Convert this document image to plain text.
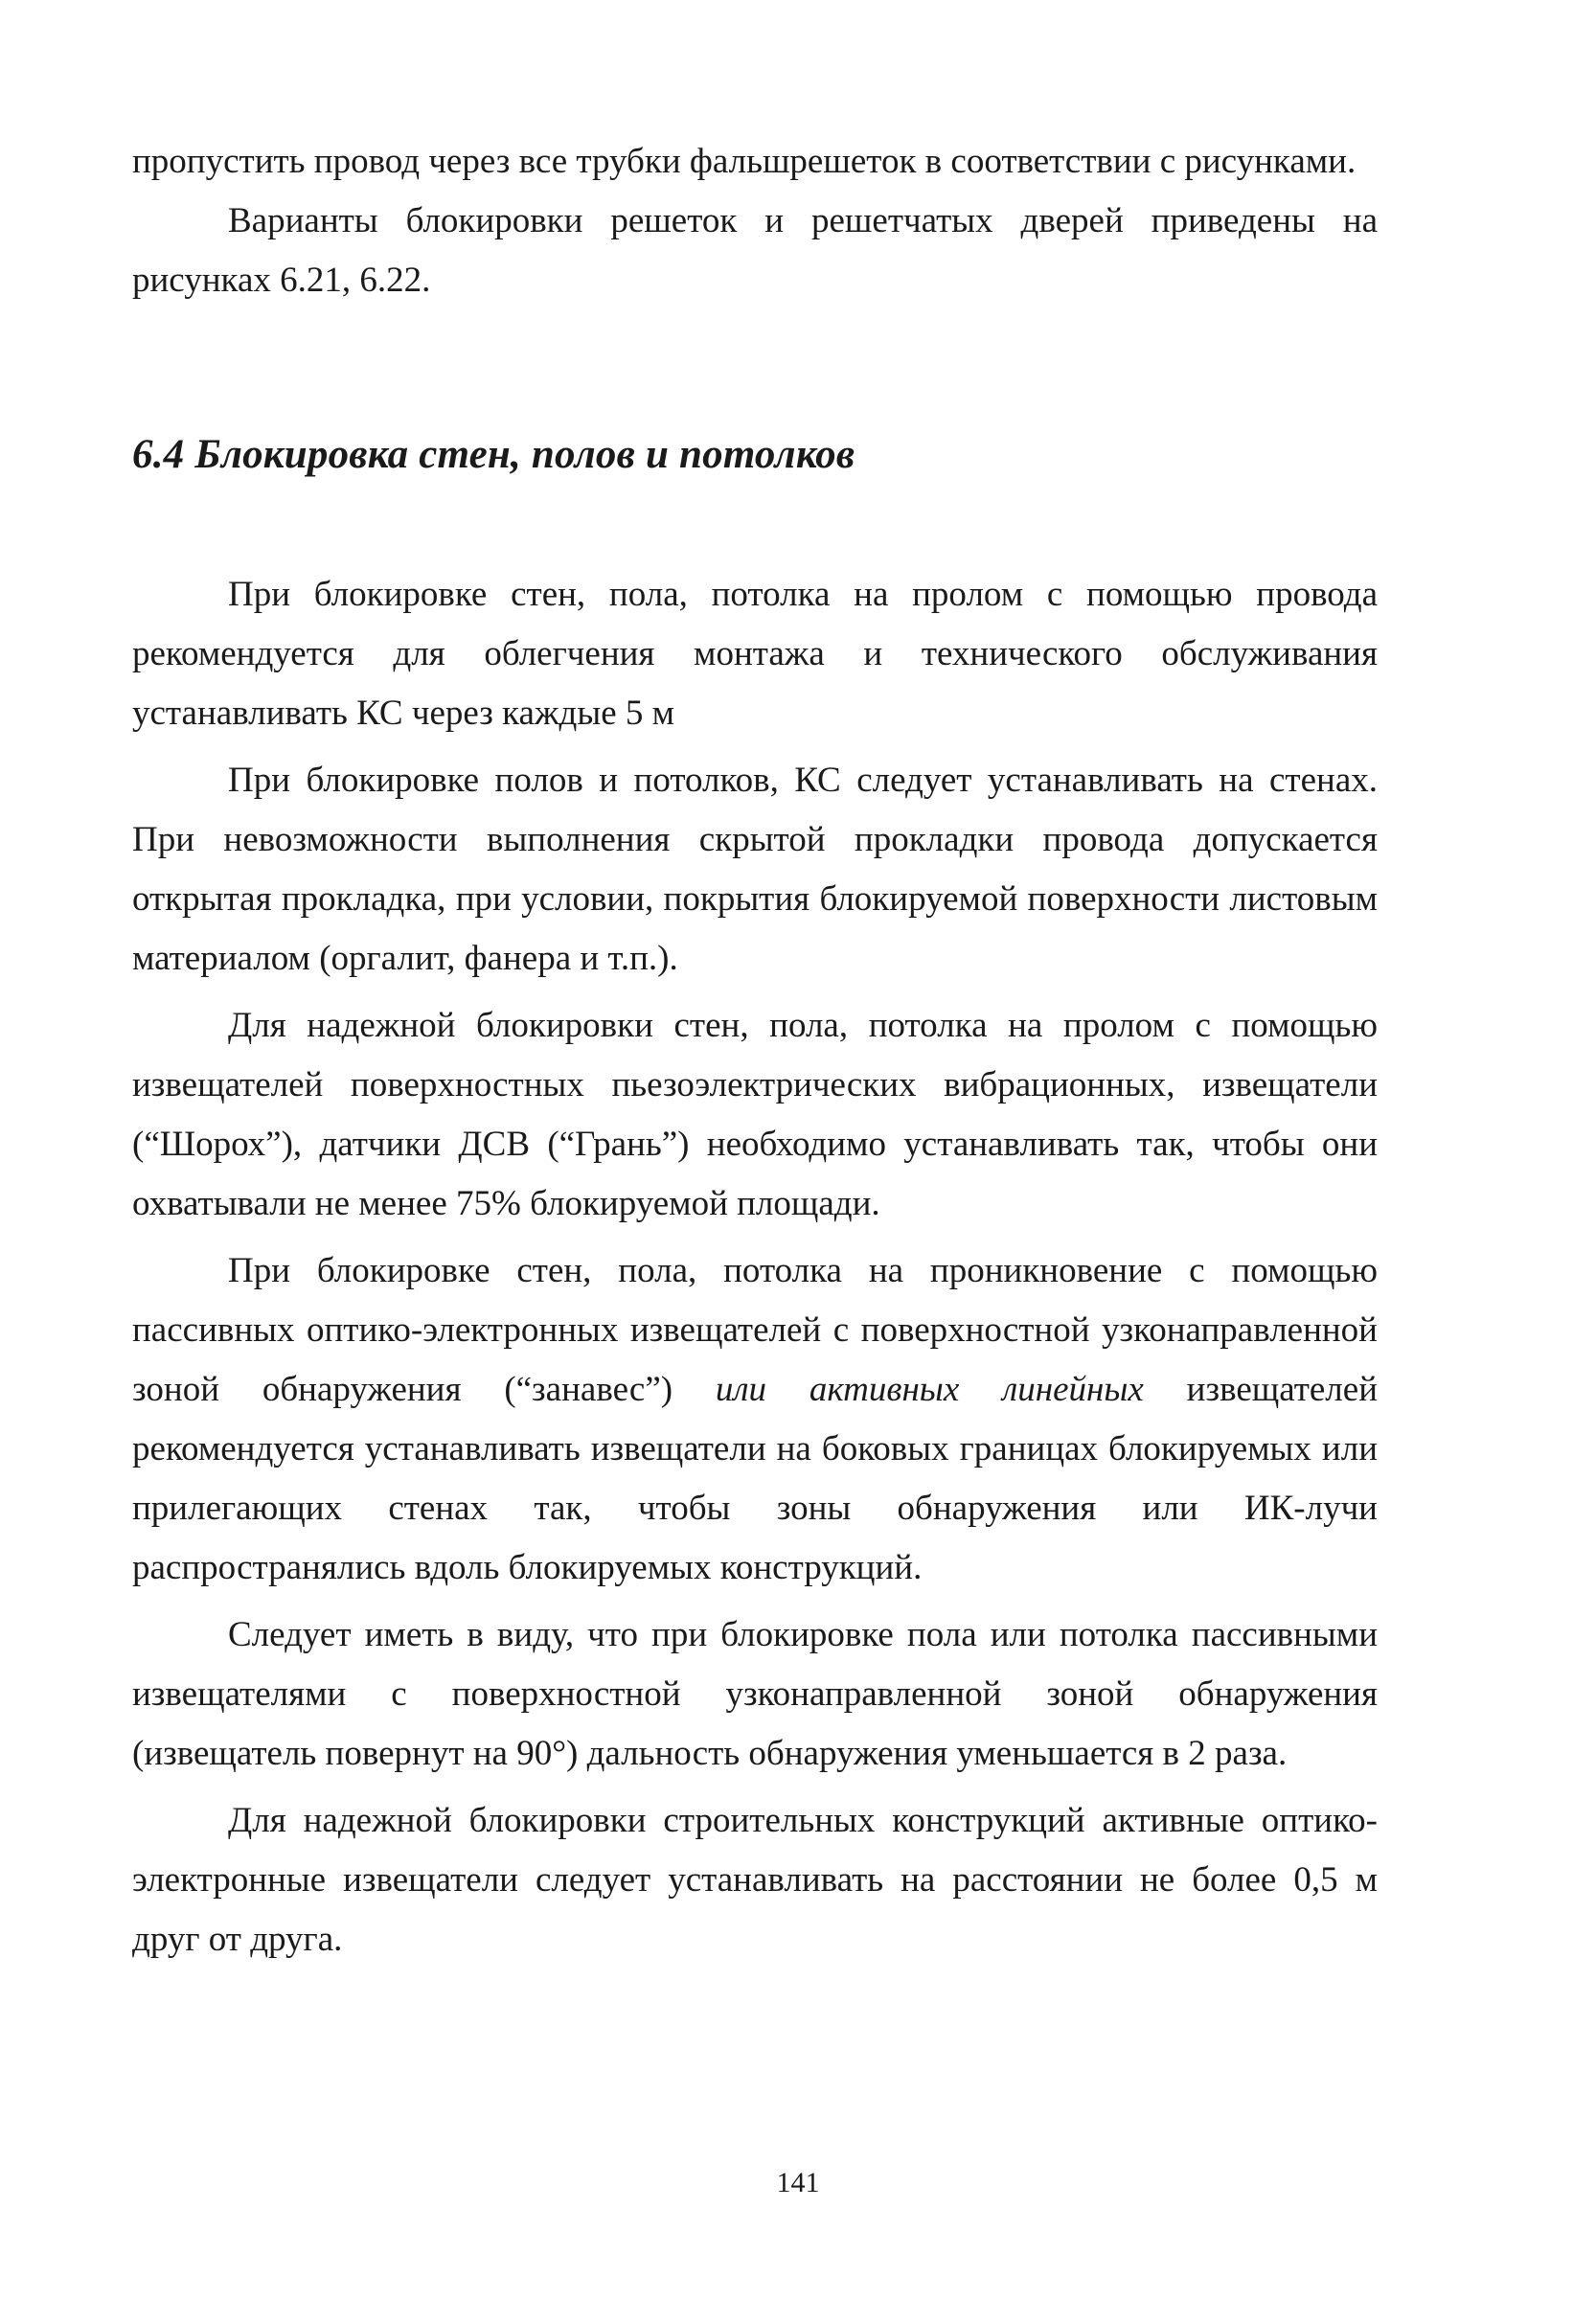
пропустить провод через все трубки фальшрешеток в соответствии с рисунками.

Варианты блокировки решеток и решетчатых дверей приведены на рисунках 6.21, 6.22.

6.4 Блокировка стен, полов и потолков

При блокировке стен, пола, потолка на пролом с помощью провода рекомендуется для облегчения монтажа и технического обслуживания устанавливать КС через каждые 5 м

При блокировке полов и потолков, КС следует устанавливать на стенах. При невозможности выполнения скрытой прокладки провода допускается открытая прокладка, при условии, покрытия блокируемой поверхности листовым материалом (оргалит, фанера и т.п.).

Для надежной блокировки стен, пола, потолка на пролом с помощью извещателей поверхностных пьезоэлектрических вибрационных, извещатели (“Шорох”), датчики ДСВ (“Грань”) необходимо устанавливать так, чтобы они охватывали не менее 75% блокируемой площади.

При блокировке стен, пола, потолка на проникновение с помощью пассивных оптико-электронных извещателей с поверхностной узконаправленной зоной обнаружения (“занавес”) или активных линейных извещателей рекомендуется устанавливать извещатели на боковых границах блокируемых или прилегающих стенах так, чтобы зоны обнаружения или ИК-лучи распространялись вдоль блокируемых конструкций.

Следует иметь в виду, что при блокировке пола или потолка пассивными извещателями с поверхностной узконаправленной зоной обнаружения (извещатель повернут на 90°) дальность обнаружения уменьшается в 2 раза.

Для надежной блокировки строительных конструкций активные оптико-электронные извещатели следует устанавливать на расстоянии не более 0,5 м друг от друга.

141
